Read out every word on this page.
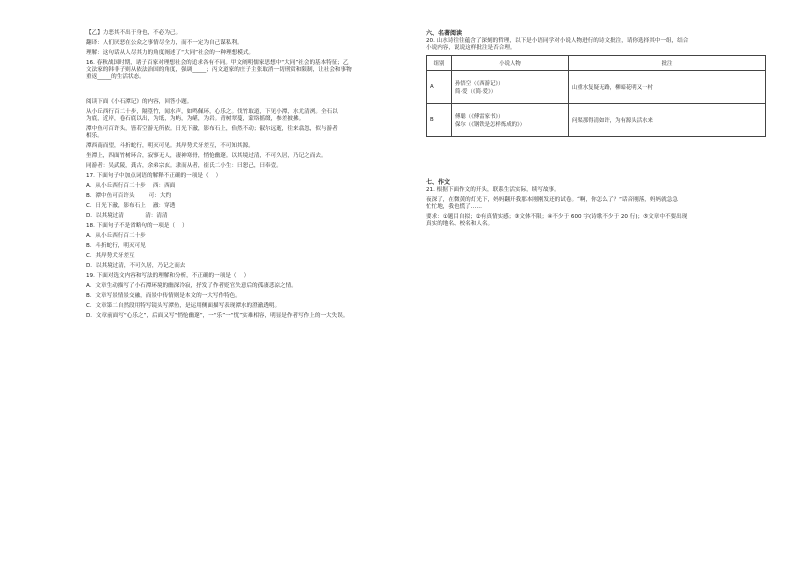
【乙】力恶其不出于身也，不必为己。

翻译：人们厌恶在公众之事情尽全力，而不一定为自己谋私利。

理解：这句话从人尽其力的角度阐述了“大同”社会的一种理想模式。

16. 春秋战国时期，诸子百家对理想社会的追求各有不同。甲文阐明儒家思想中“大同”社会的基本特征；乙

文法家的韩非子则从依法治国的角度，强调_____；丙文道家的庄子主张取消一切刑赏和限制，让社会和事物

重返_____的生活状态。

阅读下面《小石潭记》的内容，回答小题。

从小丘西行百二十步，隔篁竹，闻水声，如鸣佩环，心乐之。伐竹取道，下见小潭，水尤清冽。全石以

为底，近岸，卷石底以出，为坻，为屿，为嵁，为岩。青树翠蔓，蒙络摇缀，参差披拂。

潭中鱼可百许头，皆若空游无所依。日光下澈，影布石上，佁然不动；俶尔远逝，往来翕忽，似与游者

相乐。

潭西南而望，斗折蛇行，明灭可见。其岸势犬牙差互，不可知其源。

坐潭上，四面竹树环合，寂寥无人，凄神寒骨，悄怆幽邃。以其境过清，不可久居，乃记之而去。

同游者：吴武陵，龚古，余弟宗玄。隶而从者，崔氏二小生：曰恕己，曰奉壹。

17. 下面句子中加点词语的解释不正确的一项是（    ）

A．从小丘西行百二十步    西：西面

B．潭中鱼可百许头        可：大约

C．日光下澈，影布石上    澈：穿透

D．以其境过清            清：清清

18. 下面句子不是省略句的一项是（    ）

A．从小丘西行百二十步

B．斗折蛇行，明灭可见

C．其岸势犬牙差互

D．以其境过清，不可久居，乃记之而去

19. 下面对选文内容和写法的理解和分析，不正确的一项是（    ）

A．文章生动描写了小石潭环境的幽深冷寂，抒发了作者贬官失意后的孤凄悲凉之情。

B．文章写景情景交融，而景中传情则是本文的一大写作特色。

C．文章第二自然段用特写镜头写潭鱼，是运用侧面描写表现潭水的澄澈透明。

D．文章前面写“心乐之”，后面又写“悄怆幽邃”，一“乐”一“忧”实难相容，明显是作者写作上的一大失误。

六、名著阅读

20. 山水诗往往蕴含了深刻的哲理，以下是小语同学对小说人物进行的诗文批注，请你选择其中一组，结合

小说内容，说说这样批注是否合理。

组别	小说人物	批注
A	孙悟空（《西游记》）
简·爱（《简·爱》）	山重水复疑无路，柳暗花明又一村
B	傅聪（《傅雷家书》）
保尔（《钢铁是怎样炼成的》）	问渠那得清如许，为有源头活水来

七、作文

21. 根据下面作文的开头，联系生活实际，续写故事。

夜深了，在微黄的灯光下，妈妈翻开我那本刚刚发还的试卷。“啊，你怎么了？”话音刚落，妈妈就急急

忙忙地，我也慌了……

要求：①题目自拟；②有真情实感；③文体不限；④不少于 600 字(诗歌不少于 20 行)；⑤文章中不要出现

真实的地名、校名和人名。
